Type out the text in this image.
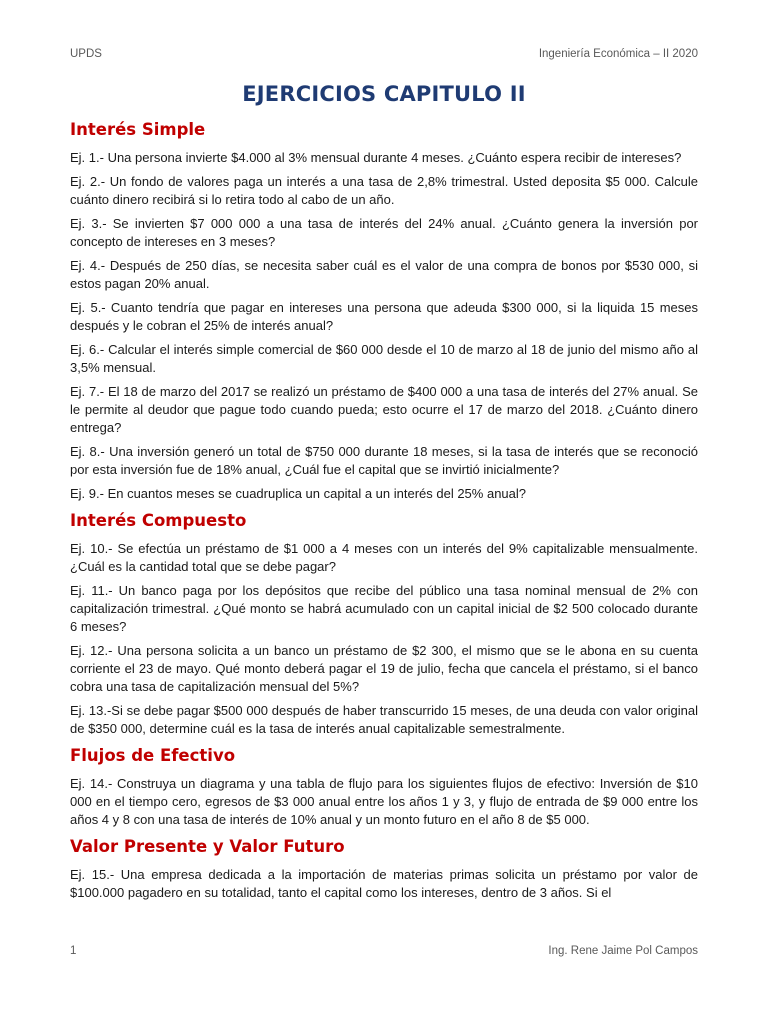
UPDS	Ingeniería Económica – II 2020
EJERCICIOS CAPITULO II
Interés Simple

Ej. 1.- Una persona invierte $4.000 al 3% mensual durante 4 meses. ¿Cuánto espera recibir de intereses?

Ej. 2.- Un fondo de valores paga un interés a una tasa de 2,8% trimestral. Usted deposita $5 000. Calcule cuánto dinero recibirá si lo retira todo al cabo de un año.

Ej. 3.- Se invierten $7 000 000 a una tasa de interés del 24% anual. ¿Cuánto genera la inversión por concepto de intereses en 3 meses?

Ej. 4.- Después de 250 días, se necesita saber cuál es el valor de una compra de bonos por $530 000, si estos pagan 20% anual.

Ej. 5.- Cuanto tendría que pagar en intereses una persona que adeuda $300 000, si la liquida 15 meses después y le cobran el 25% de interés anual?

Ej. 6.- Calcular el interés simple comercial de $60 000 desde el 10 de marzo al 18 de junio del mismo año al 3,5% mensual.

Ej. 7.- El 18 de marzo del 2017 se realizó un préstamo de $400 000 a una tasa de interés del 27% anual. Se le permite al deudor que pague todo cuando pueda; esto ocurre el 17 de marzo del 2018. ¿Cuánto dinero entrega?

Ej. 8.- Una inversión generó un total de $750 000 durante 18 meses, si la tasa de interés que se reconoció por esta inversión fue de 18% anual, ¿Cuál fue el capital que se invirtió inicialmente?

Ej. 9.- En cuantos meses se cuadruplica un capital a un interés del 25% anual?

Interés Compuesto

Ej. 10.- Se efectúa un préstamo de $1 000 a 4 meses con un interés del 9% capitalizable mensualmente. ¿Cuál es la cantidad total que se debe pagar?

Ej. 11.- Un banco paga por los depósitos que recibe del público una tasa nominal mensual de 2% con capitalización trimestral. ¿Qué monto se habrá acumulado con un capital inicial de $2 500 colocado durante 6 meses?

Ej. 12.- Una persona solicita a un banco un préstamo de $2 300, el mismo que se le abona en su cuenta corriente el 23 de mayo. Qué monto deberá pagar el 19 de julio, fecha que cancela el préstamo, si el banco cobra una tasa de capitalización mensual del 5%?

Ej. 13.-Si se debe pagar $500 000 después de haber transcurrido 15 meses, de una deuda con valor original de $350 000, determine cuál es la tasa de interés anual capitalizable semestralmente.

Flujos de Efectivo

Ej. 14.- Construya un diagrama y una tabla de flujo para los siguientes flujos de efectivo: Inversión de $10 000 en el tiempo cero, egresos de $3 000 anual entre los años 1 y 3, y flujo de entrada de $9 000 entre los años 4 y 8 con una tasa de interés de 10% anual y un monto futuro en el año 8 de $5 000.

Valor Presente y Valor Futuro

Ej. 15.- Una empresa dedicada a la importación de materias primas solicita un préstamo por valor de $100.000 pagadero en su totalidad, tanto el capital como los intereses, dentro de 3 años. Si el

1	Ing. Rene Jaime Pol Campos
